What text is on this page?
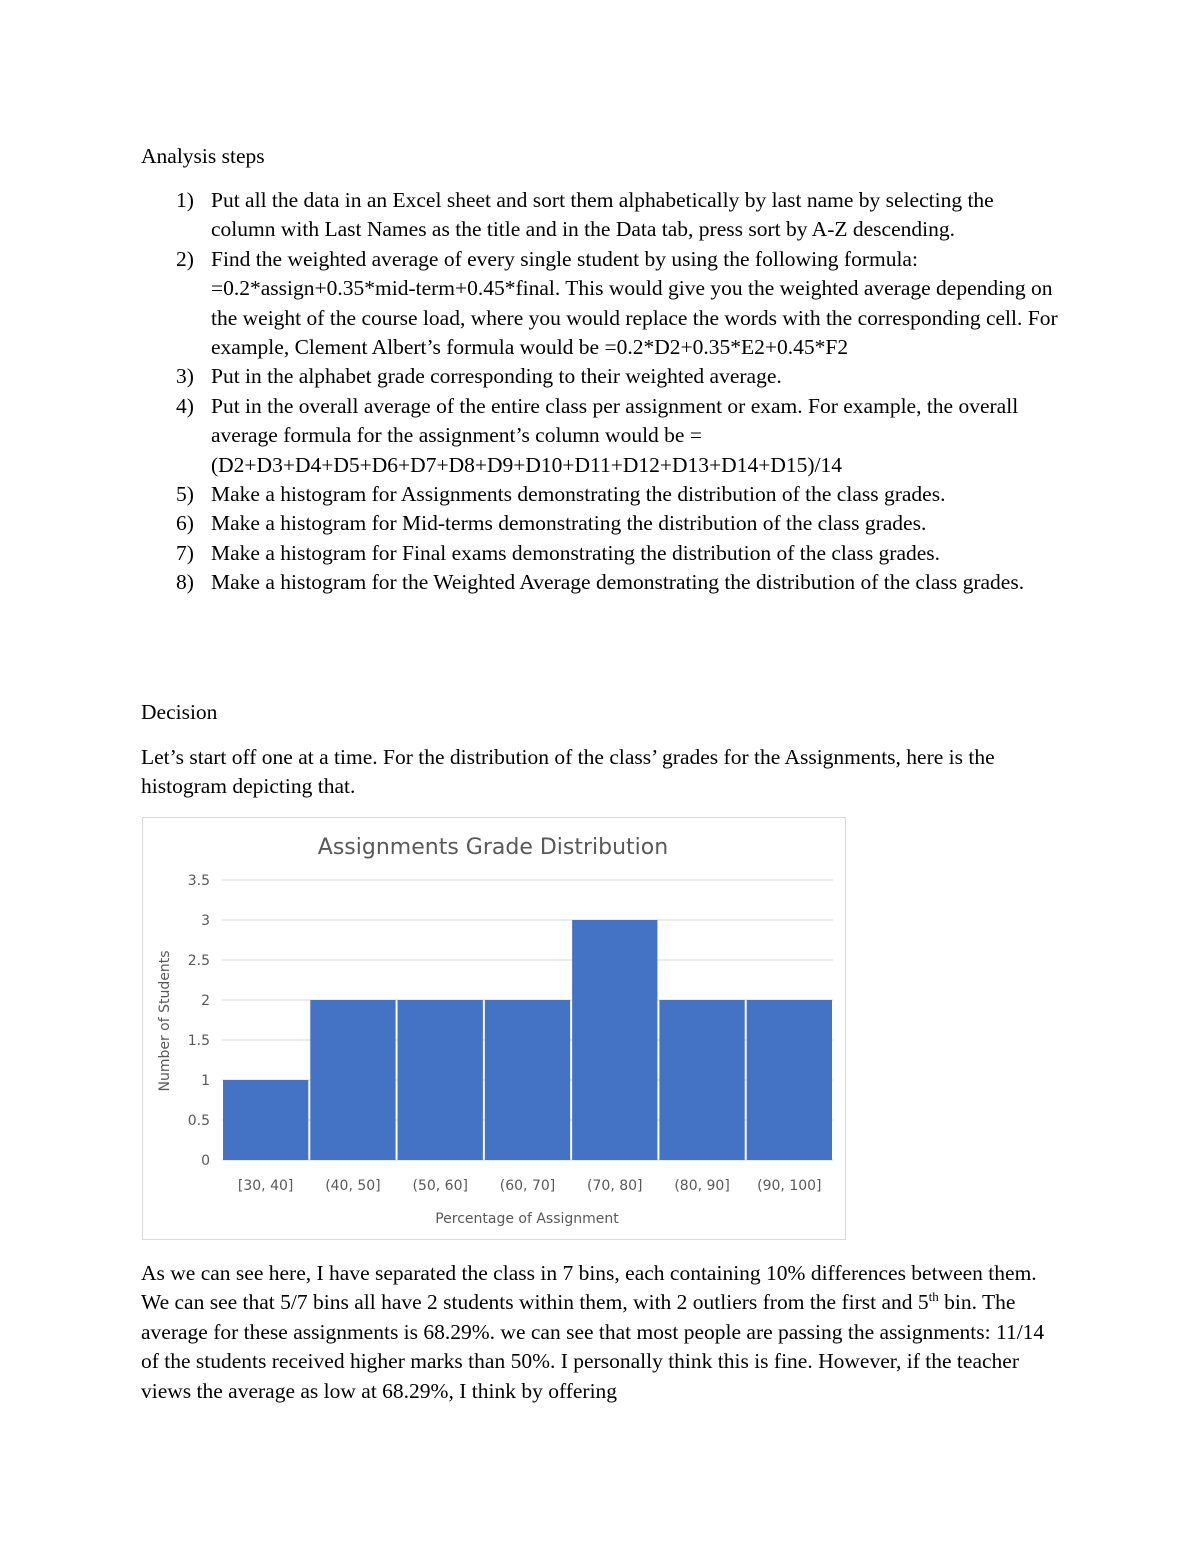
Analysis steps
1) Put all the data in an Excel sheet and sort them alphabetically by last name by selecting the column with Last Names as the title and in the Data tab, press sort by A-Z descending.
2) Find the weighted average of every single student by using the following formula: =0.2*assign+0.35*mid-term+0.45*final. This would give you the weighted average depending on the weight of the course load, where you would replace the words with the corresponding cell. For example, Clement Albert’s formula would be =0.2*D2+0.35*E2+0.45*F2
3) Put in the alphabet grade corresponding to their weighted average.
4) Put in the overall average of the entire class per assignment or exam. For example, the overall average formula for the assignment’s column would be =(D2+D3+D4+D5+D6+D7+D8+D9+D10+D11+D12+D13+D14+D15)/14
5) Make a histogram for Assignments demonstrating the distribution of the class grades.
6) Make a histogram for Mid-terms demonstrating the distribution of the class grades.
7) Make a histogram for Final exams demonstrating the distribution of the class grades.
8) Make a histogram for the Weighted Average demonstrating the distribution of the class grades.
Decision
Let’s start off one at a time. For the distribution of the class’ grades for the Assignments, here is the histogram depicting that.
Assignments Grade Distribution
0
0.5
1
1.5
2
2.5
3
3.5
[30, 40] (40, 50] (50, 60] (60, 70] (70, 80] (80, 90] (90, 100]
Number of Students
Percentage of Assignment
As we can see here, I have separated the class in 7 bins, each containing 10% differences between them. We can see that 5/7 bins all have 2 students within them, with 2 outliers from the first and 5th bin. The average for these assignments is 68.29%. we can see that most people are passing the assignments: 11/14 of the students received higher marks than 50%. I personally think this is fine. However, if the teacher views the average as low at 68.29%, I think by offering
